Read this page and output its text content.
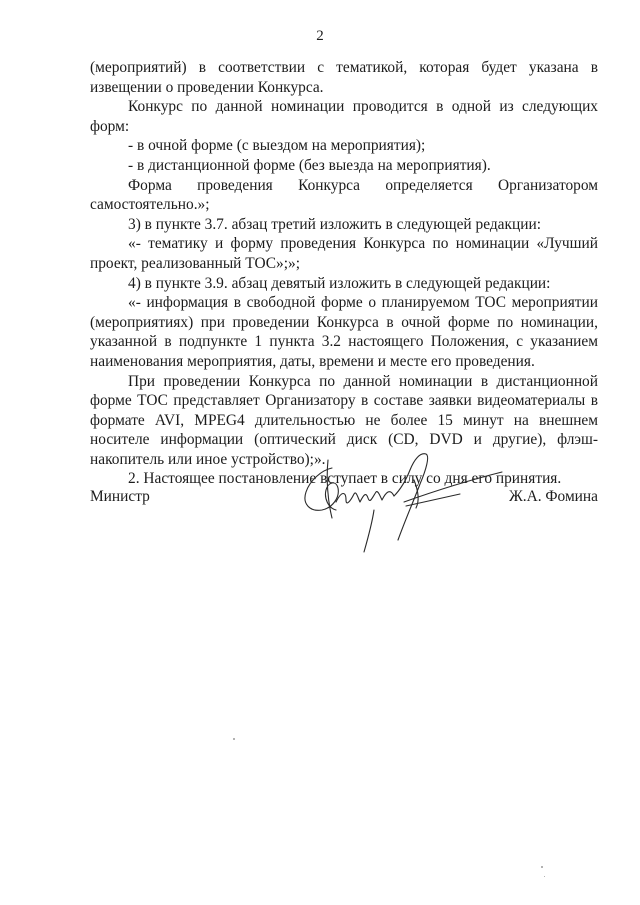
2

(мероприятий) в соответствии с тематикой, которая будет указана в

извещении о проведении Конкурса.

Конкурс по данной номинации проводится в одной из следующих

форм:

- в очной форме (с выездом на мероприятия);

- в дистанционной форме (без выезда на мероприятия).

Форма проведения Конкурса определяется Организатором

самостоятельно.»;

3) в пункте 3.7. абзац третий изложить в следующей редакции:

«- тематику и форму проведения Конкурса по номинации «Лучший

проект, реализованный ТОС»;»;

4) в пункте 3.9. абзац девятый изложить в следующей редакции:

«- информация в свободной форме о планируемом ТОС мероприятии

(мероприятиях) при проведении Конкурса в очной форме по номинации,

указанной в подпункте 1 пункта 3.2 настоящего Положения, с указанием

наименования мероприятия, даты, времени и месте его проведения.

При проведении Конкурса по данной номинации в дистанционной

форме ТОС представляет Организатору в составе заявки видеоматериалы в

формате AVI, MPEG4 длительностью не более 15 минут на внешнем

носителе информации (оптический диск (CD, DVD и другие), флэш-

накопитель или иное устройство);».

2. Настоящее постановление вступает в силу со дня его принятия.

Министр	Ж.А. Фомина
